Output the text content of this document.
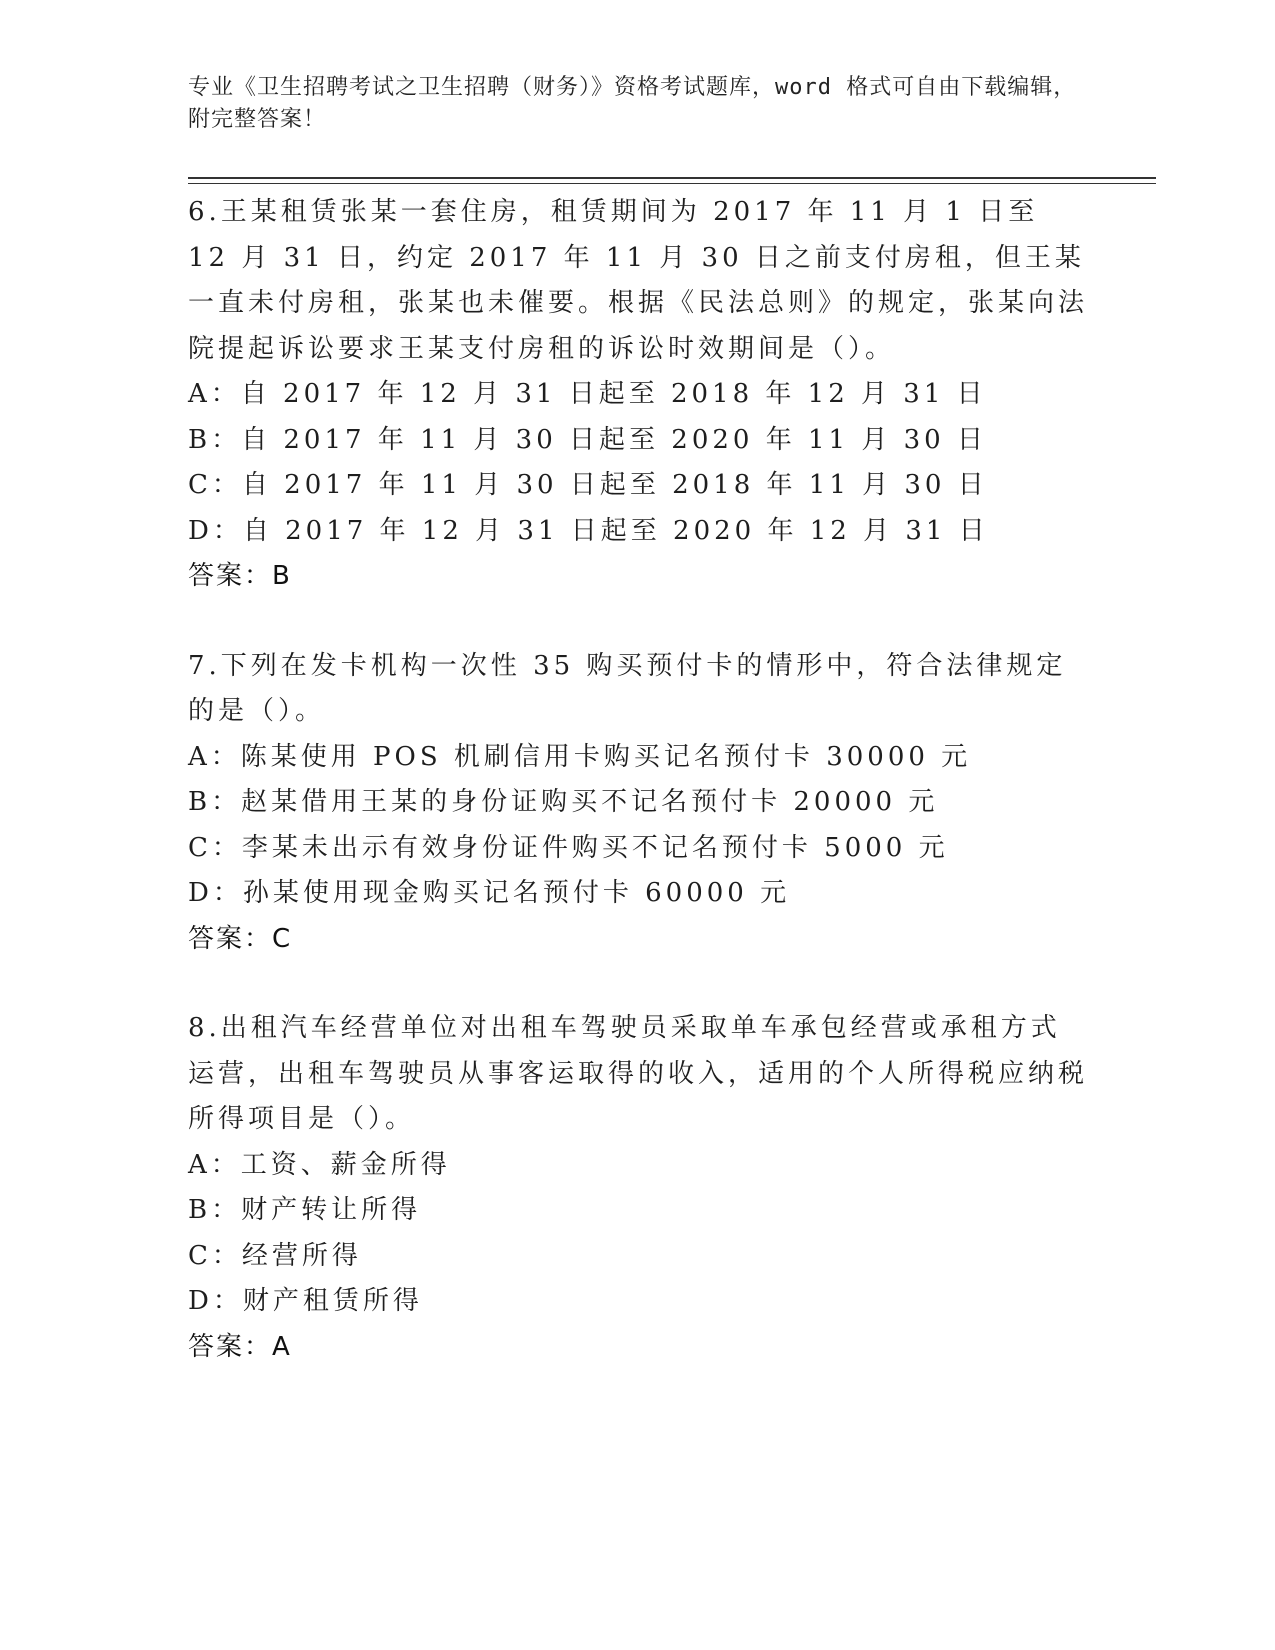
专业《卫生招聘考试之卫生招聘（财务）》资格考试题库，word 格式可自由下载编辑，附完整答案！

6.王某租赁张某一套住房，租赁期间为 2017 年 11 月 1 日至 12 月 31 日，约定 2017 年 11 月 30 日之前支付房租，但王某一直未付房租，张某也未催要。根据《民法总则》的规定，张某向法院提起诉讼要求王某支付房租的诉讼时效期间是（）。

A：自 2017 年 12 月 31 日起至 2018 年 12 月 31 日

B：自 2017 年 11 月 30 日起至 2020 年 11 月 30 日

C：自 2017 年 11 月 30 日起至 2018 年 11 月 30 日

D：自 2017 年 12 月 31 日起至 2020 年 12 月 31 日

答案：B

7.下列在发卡机构一次性 35 购买预付卡的情形中，符合法律规定的是（）。

A：陈某使用 POS 机刷信用卡购买记名预付卡 30000 元

B：赵某借用王某的身份证购买不记名预付卡 20000 元

C：李某未出示有效身份证件购买不记名预付卡 5000 元

D：孙某使用现金购买记名预付卡 60000 元

答案：C

8.出租汽车经营单位对出租车驾驶员采取单车承包经营或承租方式运营，出租车驾驶员从事客运取得的收入，适用的个人所得税应纳税所得项目是（）。

A：工资、薪金所得

B：财产转让所得

C：经营所得

D：财产租赁所得

答案：A
